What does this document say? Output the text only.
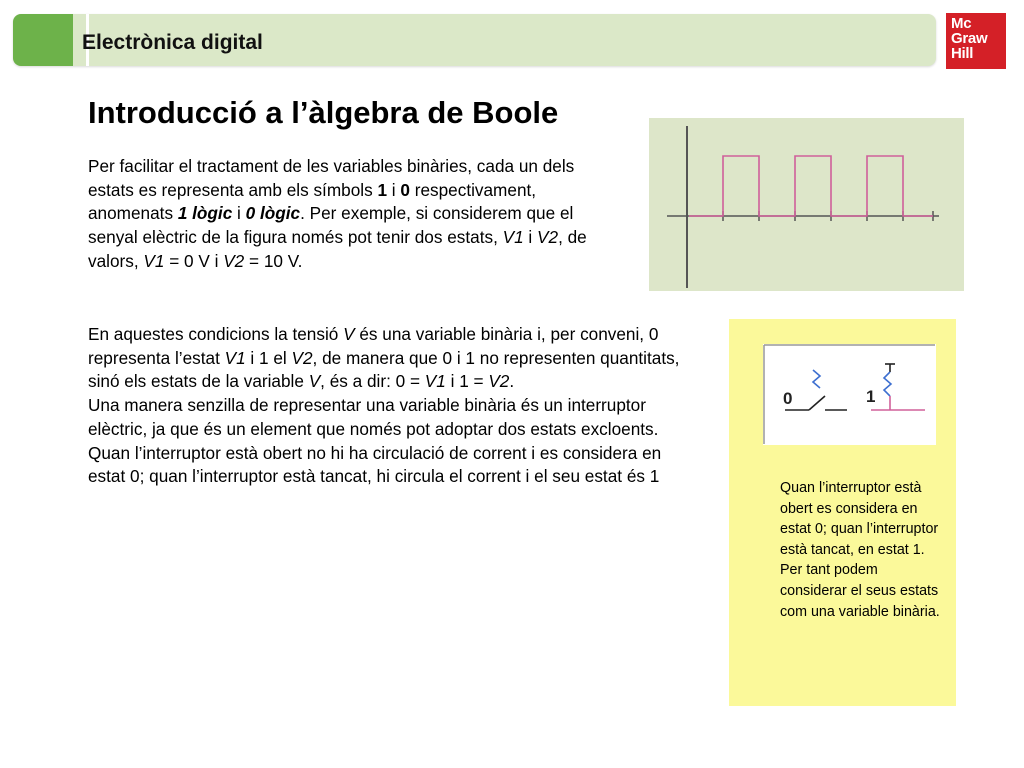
Electrònica digital
Mc
Graw
Hill
Introducció a l’àlgebra de Boole
Per facilitar el tractament de les variables binàries, cada un dels estats es representa amb els símbols 1 i 0 respectivament, anomenats 1 lògic i 0 lògic. Per exemple, si considerem que el senyal elèctric de la figura només pot tenir dos estats, V1 i V2, de valors, V1 = 0 V i V2 = 10 V.

En aquestes condicions la tensió V és una variable binària i, per conveni, 0 representa l’estat V1 i 1 el V2, de manera que 0 i 1 no representen quantitats, sinó els estats de la variable V, és a dir: 0 = V1 i 1 = V2.

Una manera senzilla de representar una variable binària és un interruptor elèctric, ja que és un element que només pot adoptar dos estats excloents. Quan l’interruptor està obert no hi ha circulació de corrent i es considera en estat 0; quan l’interruptor està tancat, hi circula el corrent i el seu estat és 1

0	1
Quan l’interruptor està obert es considera en estat 0; quan l’interruptor està tancat, en estat 1. Per tant podem considerar el seus estats com una variable binària.
